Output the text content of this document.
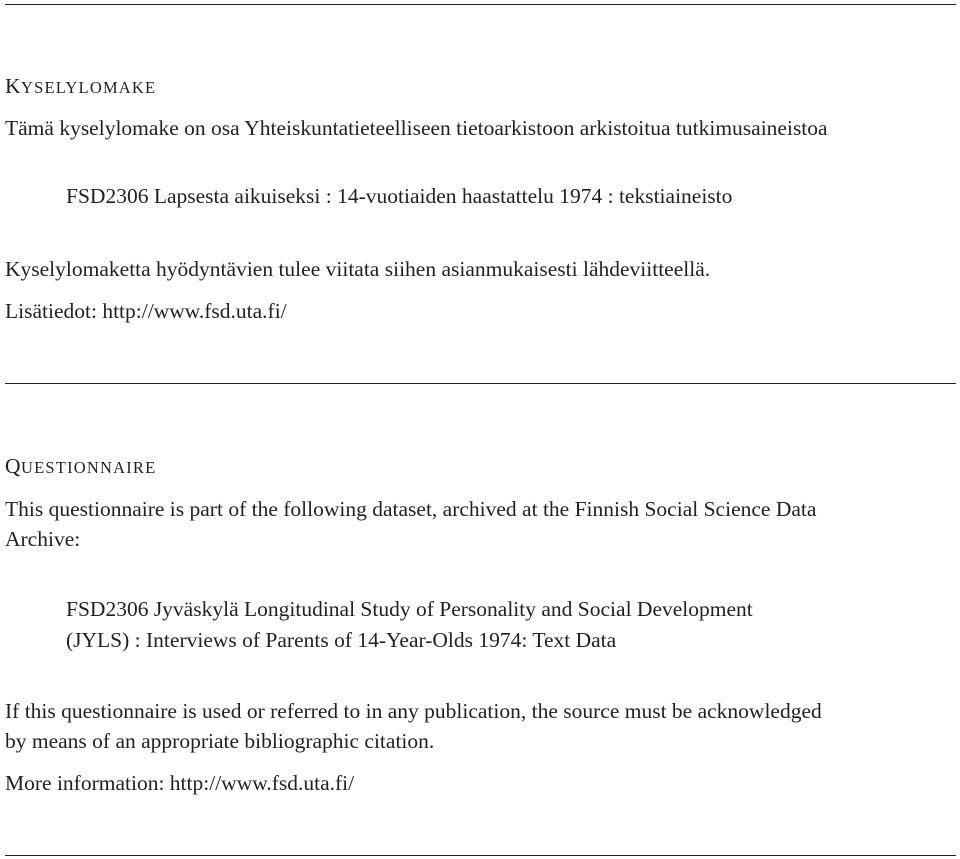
KYSELYLOMAKE

Tämä kyselylomake on osa Yhteiskuntatieteelliseen tietoarkistoon arkistoitua tutkimusaineistoa

FSD2306 Lapsesta aikuiseksi : 14-vuotiaiden haastattelu 1974 : tekstiaineisto

Kyselylomaketta hyödyntävien tulee viitata siihen asianmukaisesti lähdeviitteellä.

Lisätiedot: http://www.fsd.uta.fi/

QUESTIONNAIRE

This questionnaire is part of the following dataset, archived at the Finnish Social Science Data

Archive:

FSD2306 Jyväskylä Longitudinal Study of Personality and Social Development

(JYLS) : Interviews of Parents of 14-Year-Olds 1974: Text Data

If this questionnaire is used or referred to in any publication, the source must be acknowledged

by means of an appropriate bibliographic citation.

More information: http://www.fsd.uta.fi/
